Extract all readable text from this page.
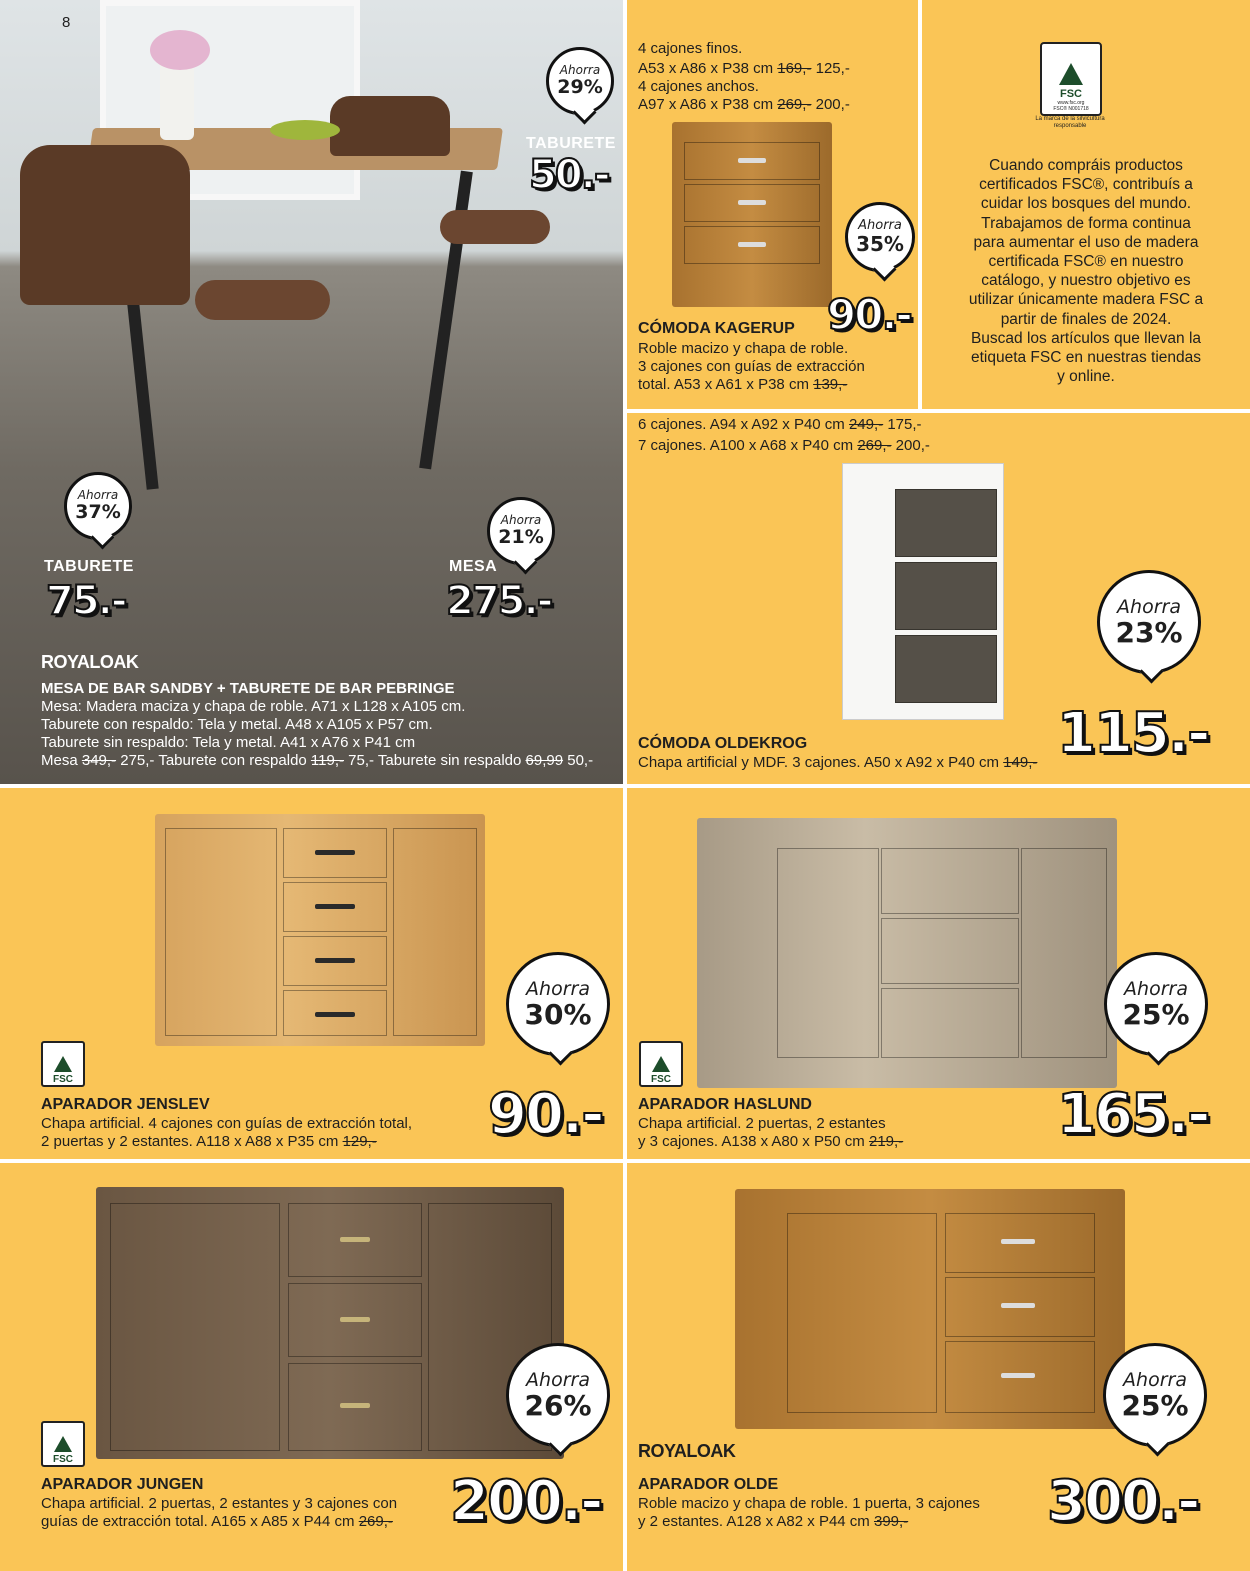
8
Ahorra
29%
TABURETE
50.-
Ahorra
37%
TABURETE
75.-
Ahorra
21%
MESA
275.-
ROYALOAK
MESA DE BAR SANDBY + TABURETE DE BAR PEBRINGE
Mesa: Madera maciza y chapa de roble. A71 x L128 x A105 cm.
Taburete con respaldo: Tela y metal. A48 x A105 x P57 cm.
Taburete sin respaldo: Tela y metal. A41 x A76 x P41 cm
Mesa 349,- 275,- Taburete con respaldo 119,- 75,- Taburete sin respaldo 69,99 50,-
4 cajones finos.
A53 x A86 x P38 cm 169,- 125,-
4 cajones anchos.
A97 x A86 x P38 cm 269,- 200,-
Ahorra
35%
90.-
CÓMODA KAGERUP
Roble macizo y chapa de roble.
3 cajones con guías de extracción
total. A53 x A61 x P38 cm 139,-
FSC
www.fsc.org
FSC® N001718
La marca de la silvicultura responsable
Cuando compráis productos
certificados FSC®, contribuís a
cuidar los bosques del mundo.
Trabajamos de forma continua
para aumentar el uso de madera
certificada FSC® en nuestro
catálogo, y nuestro objetivo es
utilizar únicamente madera FSC a
partir de finales de 2024.
Buscad los artículos que llevan la
etiqueta FSC en nuestras tiendas
y online.
6 cajones. A94 x A92 x P40 cm 249,- 175,-
7 cajones. A100 x A68 x P40 cm 269,- 200,-
Ahorra
23%
115.-
CÓMODA OLDEKROG
Chapa artificial y MDF. 3 cajones. A50 x A92 x P40 cm 149,-
Ahorra
30%
90.-
FSC
APARADOR JENSLEV
Chapa artificial. 4 cajones con guías de extracción total,
2 puertas y 2 estantes. A118 x A88 x P35 cm 129,-
Ahorra
25%
165.-
FSC
APARADOR HASLUND
Chapa artificial. 2 puertas, 2 estantes
y 3 cajones. A138 x A80 x P50 cm 219,-
Ahorra
26%
200.-
FSC
APARADOR JUNGEN
Chapa artificial. 2 puertas, 2 estantes y 3 cajones con
guías de extracción total. A165 x A85 x P44 cm 269,-
Ahorra
25%
300.-
ROYALOAK
APARADOR OLDE
Roble macizo y chapa de roble. 1 puerta, 3 cajones
y 2 estantes. A128 x A82 x P44 cm 399,-
